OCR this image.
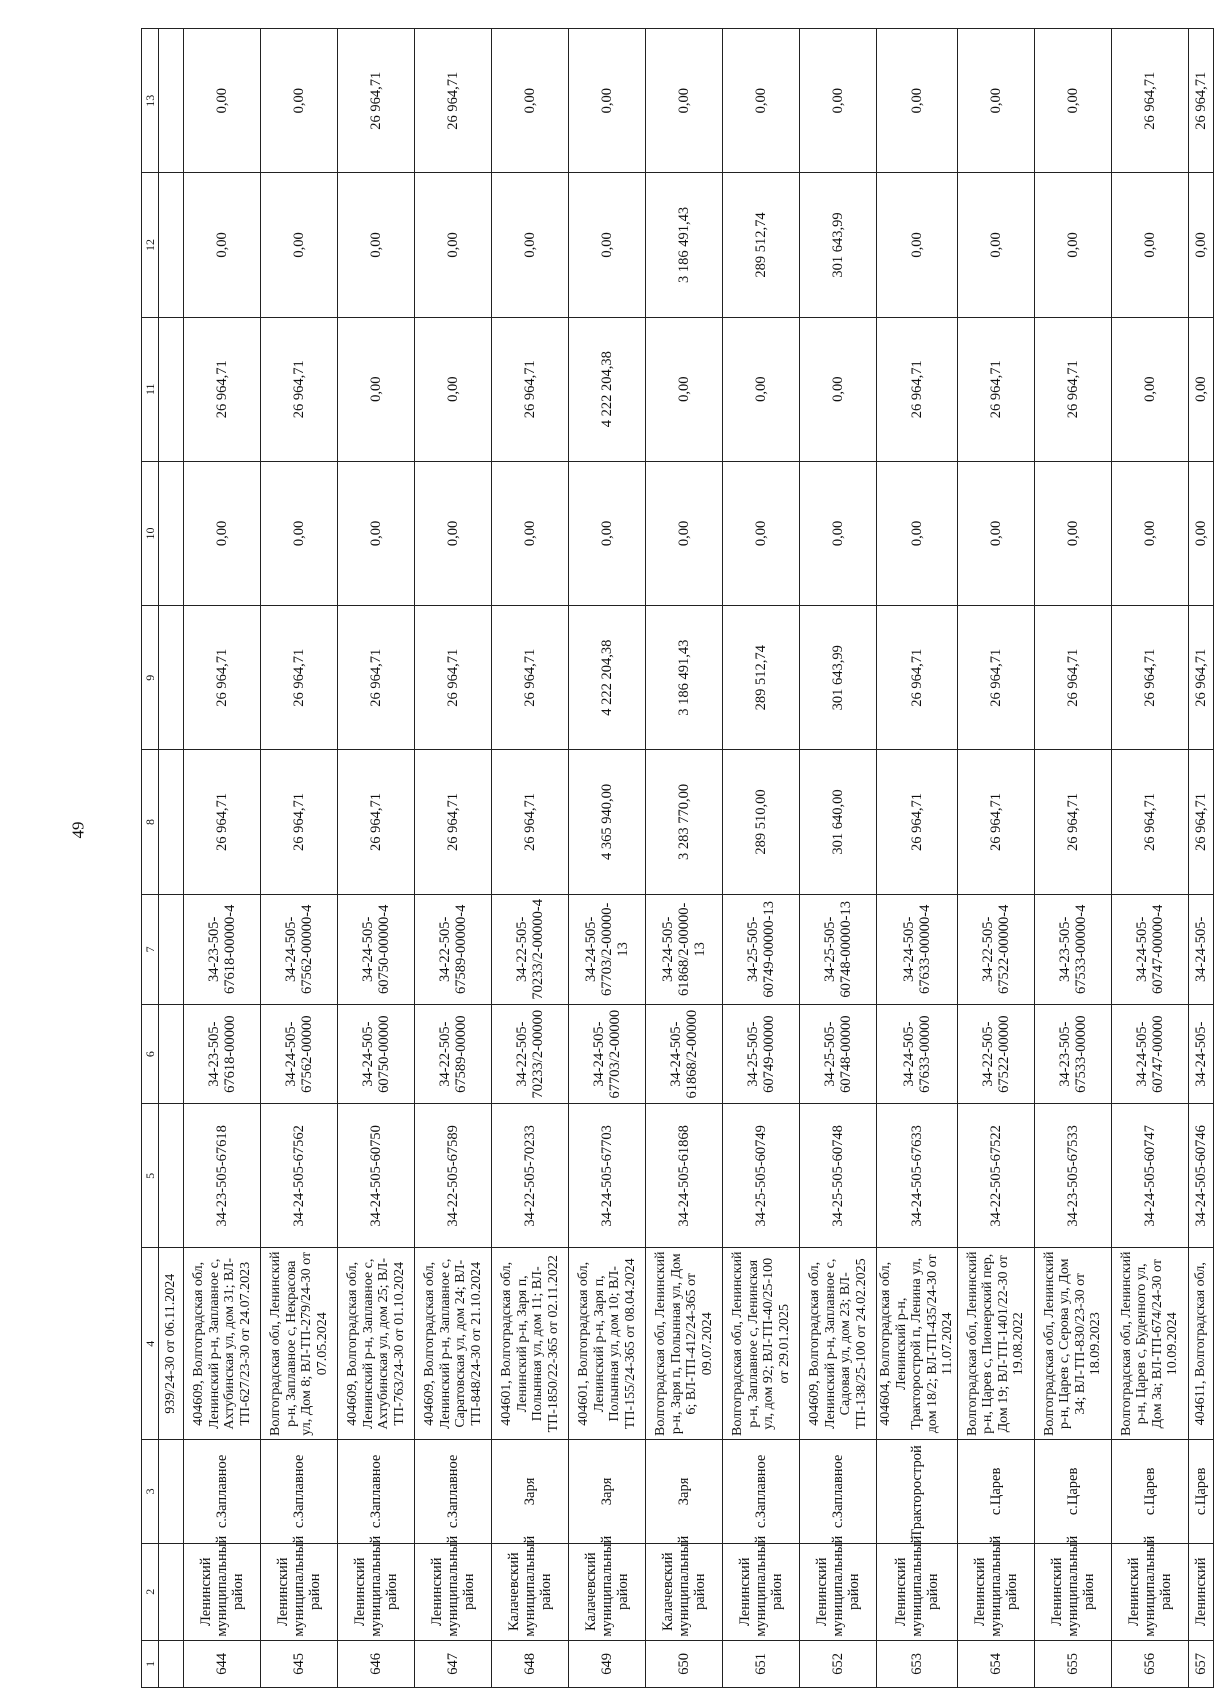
49
1	2	3	4	5	6	7	8	9	10	11	12	13
			939/24-30 от 06.11.2024									
644	Ленинский муниципальный район	с.Заплавное	404609, Волгоградская обл, Ленинский р-н, Заплавное с, Ахтубинская ул, дом 31; ВЛ-ТП-627/23-30 от 24.07.2023	34-23-505-67618	34-23-505-67618-00000	34-23-505-67618-00000-4	26 964,71	26 964,71	0,00	26 964,71	0,00	0,00
645	Ленинский муниципальный район	с.Заплавное	Волгоградская обл, Ленинский р-н, Заплавное с, Некрасова ул, Дом 8; ВЛ-ТП-279/24-30 от 07.05.2024	34-24-505-67562	34-24-505-67562-00000	34-24-505-67562-00000-4	26 964,71	26 964,71	0,00	26 964,71	0,00	0,00
646	Ленинский муниципальный район	с.Заплавное	404609, Волгоградская обл, Ленинский р-н, Заплавное с, Ахтубинская ул, дом 25; ВЛ-ТП-763/24-30 от 01.10.2024	34-24-505-60750	34-24-505-60750-00000	34-24-505-60750-00000-4	26 964,71	26 964,71	0,00	0,00	0,00	26 964,71
647	Ленинский муниципальный район	с.Заплавное	404609, Волгоградская обл, Ленинский р-н, Заплавное с, Саратовская ул, дом 24; ВЛ-ТП-848/24-30 от 21.10.2024	34-22-505-67589	34-22-505-67589-00000	34-22-505-67589-00000-4	26 964,71	26 964,71	0,00	0,00	0,00	26 964,71
648	Калачевский муниципальный район	Заря	404601, Волгоградская обл, Ленинский р-н, Заря п, Полынная ул, дом 11; ВЛ-ТП-1850/22-365 от 02.11.2022	34-22-505-70233	34-22-505-70233/2-00000	34-22-505-70233/2-00000-4	26 964,71	26 964,71	0,00	26 964,71	0,00	0,00
649	Калачевский муниципальный район	Заря	404601, Волгоградская обл, Ленинский р-н, Заря п, Полынная ул, дом 10; ВЛ-ТП-155/24-365 от 08.04.2024	34-24-505-67703	34-24-505-67703/2-00000	34-24-505-67703/2-00000-13	4 365 940,00	4 222 204,38	0,00	4 222 204,38	0,00	0,00
650	Калачевский муниципальный район	Заря	Волгоградская обл, Ленинский р-н, Заря п, Полынная ул, Дом 6; ВЛ-ТП-412/24-365 от 09.07.2024	34-24-505-61868	34-24-505-61868/2-00000	34-24-505-61868/2-00000-13	3 283 770,00	3 186 491,43	0,00	0,00	3 186 491,43	0,00
651	Ленинский муниципальный район	с.Заплавное	Волгоградская обл, Ленинский р-н, Заплавное с, Ленинская ул, дом 92; ВЛ-ТП-40/25-100 от 29.01.2025	34-25-505-60749	34-25-505-60749-00000	34-25-505-60749-00000-13	289 510,00	289 512,74	0,00	0,00	289 512,74	0,00
652	Ленинский муниципальный район	с.Заплавное	404609, Волгоградская обл, Ленинский р-н, Заплавное с, Садовая ул, дом 23; ВЛ-ТП-138/25-100 от 24.02.2025	34-25-505-60748	34-25-505-60748-00000	34-25-505-60748-00000-13	301 640,00	301 643,99	0,00	0,00	301 643,99	0,00
653	Ленинский муниципальный район	Тракторострой	404604, Волгоградская обл, Ленинский р-н, Тракторострой п, Ленина ул, дом 18/2; ВЛ-ТП-435/24-30 от 11.07.2024	34-24-505-67633	34-24-505-67633-00000	34-24-505-67633-00000-4	26 964,71	26 964,71	0,00	26 964,71	0,00	0,00
654	Ленинский муниципальный район	с.Царев	Волгоградская обл, Ленинский р-н, Царев с, Пионерский пер, Дом 19; ВЛ-ТП-1401/22-30 от 19.08.2022	34-22-505-67522	34-22-505-67522-00000	34-22-505-67522-00000-4	26 964,71	26 964,71	0,00	26 964,71	0,00	0,00
655	Ленинский муниципальный район	с.Царев	Волгоградская обл, Ленинский р-н, Царев с, Серова ул, Дом 34; ВЛ-ТП-830/23-30 от 18.09.2023	34-23-505-67533	34-23-505-67533-00000	34-23-505-67533-00000-4	26 964,71	26 964,71	0,00	26 964,71	0,00	0,00
656	Ленинский муниципальный район	с.Царев	Волгоградская обл, Ленинский р-н, Царев с, Буденного ул, Дом 3а; ВЛ-ТП-674/24-30 от 10.09.2024	34-24-505-60747	34-24-505-60747-00000	34-24-505-60747-00000-4	26 964,71	26 964,71	0,00	0,00	0,00	26 964,71
657	Ленинский	с.Царев	404611, Волгоградская обл,	34-24-505-60746	34-24-505-	34-24-505-	26 964,71	26 964,71	0,00	0,00	0,00	26 964,71
